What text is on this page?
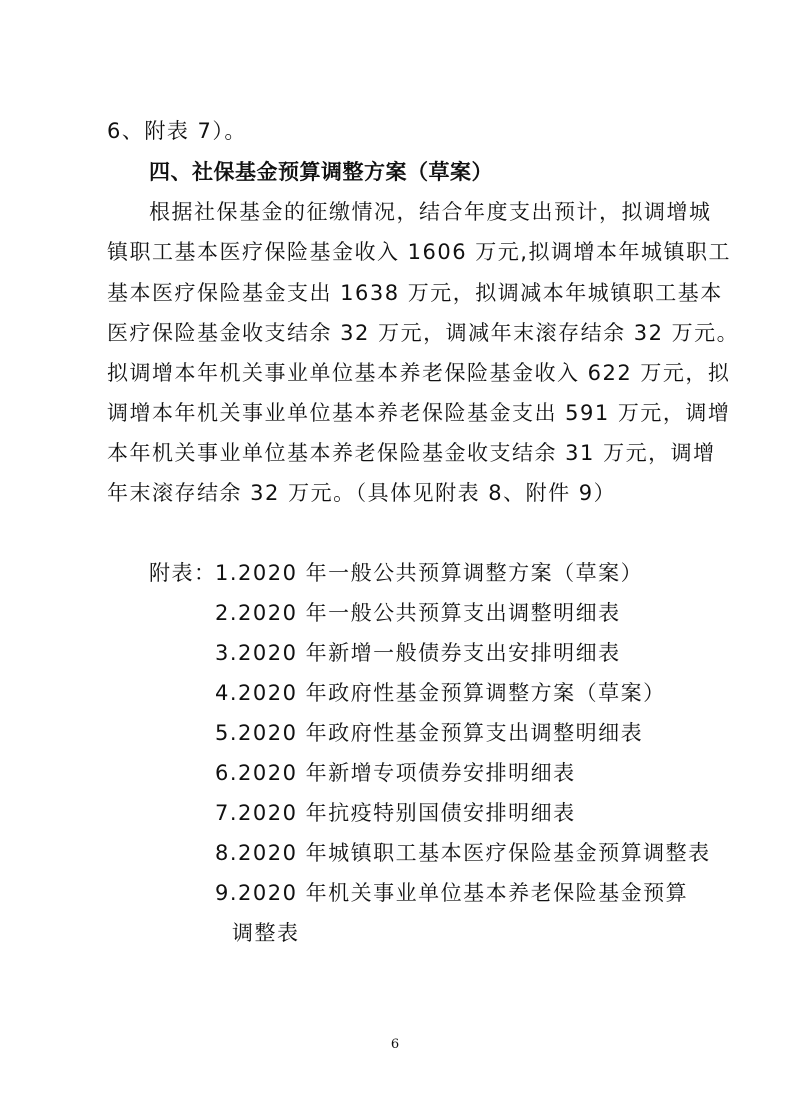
6、附表 7）。
四、社保基金预算调整方案（草案）
根据社保基金的征缴情况，结合年度支出预计，拟调增城
镇职工基本医疗保险基金收入 1606 万元,拟调增本年城镇职工
基本医疗保险基金支出 1638 万元，拟调减本年城镇职工基本
医疗保险基金收支结余 32 万元，调减年末滚存结余 32 万元。
拟调增本年机关事业单位基本养老保险基金收入 622 万元，拟
调增本年机关事业单位基本养老保险基金支出 591 万元，调增
本年机关事业单位基本养老保险基金收支结余 31 万元，调增
年末滚存结余 32 万元。（具体见附表 8、附件 9）
附表：
1.2020 年一般公共预算调整方案（草案）
2.2020 年一般公共预算支出调整明细表
3.2020 年新增一般债券支出安排明细表
4.2020 年政府性基金预算调整方案（草案）
5.2020 年政府性基金预算支出调整明细表
6.2020 年新增专项债券安排明细表
7.2020 年抗疫特别国债安排明细表
8.2020 年城镇职工基本医疗保险基金预算调整表
9.2020 年机关事业单位基本养老保险基金预算
调整表
6
